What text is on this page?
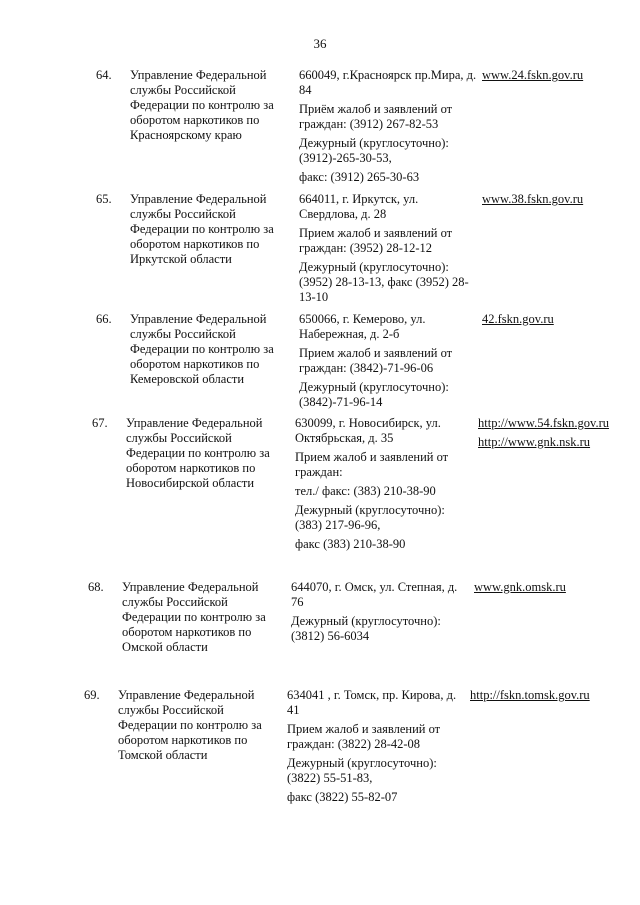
36
64. Управление Федеральной службы Российской Федерации по контролю за оборотом наркотиков по Красноярскому краю

660049, г.Красноярск пр.Мира, д. 84

Приём жалоб и заявлений от граждан: (3912) 267-82-53

Дежурный (круглосуточно): (3912)-265-30-53,

факс: (3912) 265-30-63

www.24.fskn.gov.ru
65. Управление Федеральной службы Российской Федерации по контролю за оборотом наркотиков по Иркутской области

664011, г. Иркутск, ул. Свердлова, д. 28

Прием жалоб и заявлений от граждан: (3952) 28-12-12

Дежурный (круглосуточно): (3952) 28-13-13, факс (3952) 28-13-10

www.38.fskn.gov.ru
66. Управление Федеральной службы Российской Федерации по контролю за оборотом наркотиков по Кемеровской области

650066, г. Кемерово, ул. Набережная, д. 2-б

Прием жалоб и заявлений от граждан: (3842)-71-96-06

Дежурный (круглосуточно): (3842)-71-96-14

42.fskn.gov.ru
67. Управление Федеральной службы Российской Федерации по контролю за оборотом наркотиков по Новосибирской области

630099, г. Новосибирск, ул. Октябрьская, д. 35

Прием жалоб и заявлений от граждан:

тел./ факс: (383) 210-38-90

Дежурный (круглосуточно): (383) 217-96-96,

факс (383) 210-38-90

http://www.54.fskn.gov.ru
http://www.gnk.nsk.ru
68. Управление Федеральной службы Российской Федерации по контролю за оборотом наркотиков по Омской области

644070, г. Омск, ул. Степная, д. 76

Дежурный (круглосуточно): (3812) 56-6034

www.gnk.omsk.ru
69. Управление Федеральной службы Российской Федерации по контролю за оборотом наркотиков по Томской области

634041 , г. Томск, пр. Кирова, д. 41

Прием жалоб и заявлений от граждан: (3822) 28-42-08

Дежурный (круглосуточно): (3822) 55-51-83,

факс (3822) 55-82-07

http://fskn.tomsk.gov.ru
